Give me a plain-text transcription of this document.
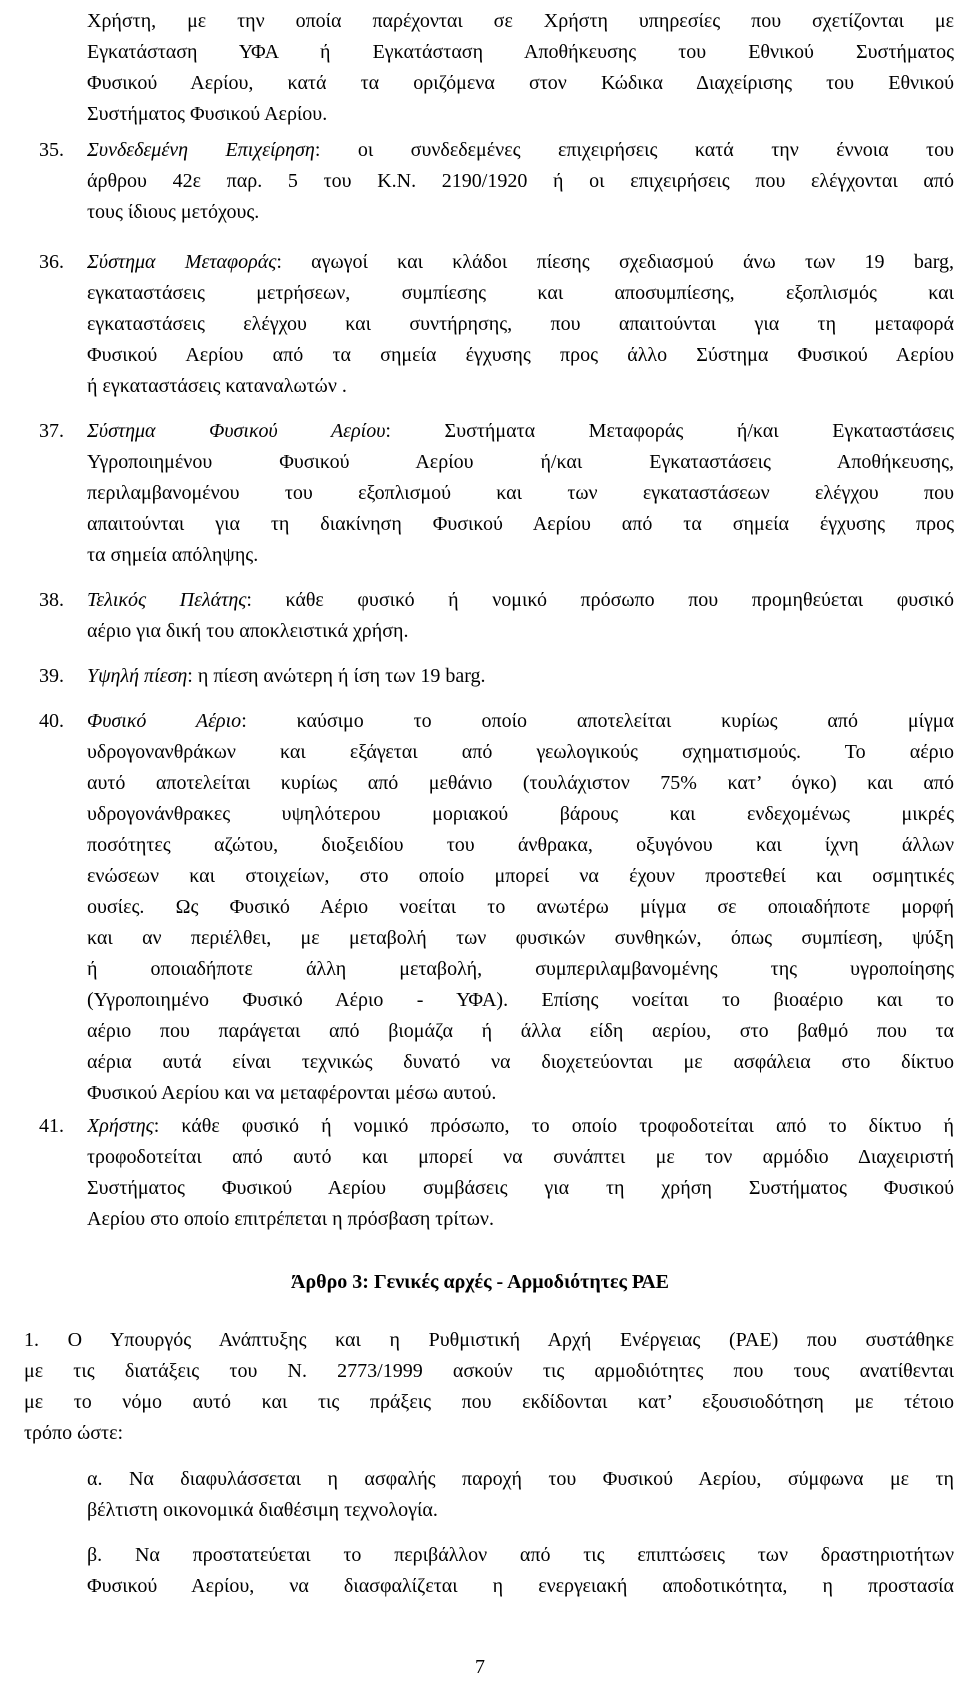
Χρήστη, με την οποία παρέχονται σε Χρήστη υπηρεσίες που σχετίζονται με
Εγκατάσταση ΥΦΑ ή Εγκατάσταση Αποθήκευσης του Εθνικού Συστήματος
Φυσικού Αερίου, κατά τα οριζόμενα στον Κώδικα Διαχείρισης του Εθνικού
Συστήματος Φυσικού Αερίου.
35.	Συνδεδεμένη Επιχείρηση: οι συνδεδεμένες επιχειρήσεις κατά την έννοια του
άρθρου 42ε παρ. 5 του Κ.Ν. 2190/1920 ή οι επιχειρήσεις που ελέγχονται από
τους ίδιους μετόχους.
36.	Σύστημα Μεταφοράς: αγωγοί και κλάδοι πίεσης σχεδιασμού άνω των 19 barg,
εγκαταστάσεις μετρήσεων, συμπίεσης και αποσυμπίεσης, εξοπλισμός και
εγκαταστάσεις ελέγχου και συντήρησης, που απαιτούνται για τη μεταφορά
Φυσικού Αερίου από τα σημεία έγχυσης προς άλλο Σύστημα Φυσικού Αερίου
ή εγκαταστάσεις καταναλωτών .
37.	Σύστημα Φυσικού Αερίου: Συστήματα Μεταφοράς ή/και Εγκαταστάσεις
Υγροποιημένου Φυσικού Αερίου ή/και Εγκαταστάσεις Αποθήκευσης,
περιλαμβανομένου του εξοπλισμού και των εγκαταστάσεων ελέγχου που
απαιτούνται για τη διακίνηση Φυσικού Αερίου από τα σημεία έγχυσης προς
τα σημεία απόληψης.
38.	Τελικός Πελάτης: κάθε φυσικό ή νομικό πρόσωπο που προμηθεύεται φυσικό
αέριο για δική του αποκλειστικά χρήση.
39.	Υψηλή πίεση: η πίεση ανώτερη ή ίση των 19 barg.
40.	Φυσικό Αέριο: καύσιμο το οποίο αποτελείται κυρίως από μίγμα
υδρογονανθράκων και εξάγεται από γεωλογικούς σχηματισμούς. Το αέριο
αυτό αποτελείται κυρίως από μεθάνιο (τουλάχιστον 75% κατ’ όγκο) και από
υδρογονάνθρακες υψηλότερου μοριακού βάρους και ενδεχομένως μικρές
ποσότητες αζώτου, διοξειδίου του άνθρακα, οξυγόνου και ίχνη άλλων
ενώσεων και στοιχείων, στο οποίο μπορεί να έχουν προστεθεί και οσμητικές
ουσίες. Ως Φυσικό Αέριο νοείται το ανωτέρω μίγμα σε οποιαδήποτε μορφή
και αν περιέλθει, με μεταβολή των φυσικών συνθηκών, όπως συμπίεση, ψύξη
ή οποιαδήποτε άλλη μεταβολή, συμπεριλαμβανομένης της υγροποίησης
(Υγροποιημένο Φυσικό Αέριο - ΥΦΑ). Επίσης νοείται το βιοαέριο και το
αέριο που παράγεται από βιομάζα ή άλλα είδη αερίου, στο βαθμό που τα
αέρια αυτά είναι τεχνικώς δυνατό να διοχετεύονται με ασφάλεια στο δίκτυο
Φυσικού Αερίου και να μεταφέρονται μέσω αυτού.
41.	Χρήστης: κάθε φυσικό ή νομικό πρόσωπο, το οποίο τροφοδοτείται από το δίκτυο ή
τροφοδοτείται από αυτό και μπορεί να συνάπτει με τον αρμόδιο Διαχειριστή
Συστήματος Φυσικού Αερίου συμβάσεις για τη χρήση Συστήματος Φυσικού
Αερίου στο οποίο επιτρέπεται η πρόσβαση τρίτων.
Άρθρο 3: Γενικές αρχές - Αρμοδιότητες ΡΑΕ
1. Ο Υπουργός Ανάπτυξης και η Ρυθμιστική Αρχή Ενέργειας (ΡΑΕ) που συστάθηκε
με τις διατάξεις του Ν. 2773/1999 ασκούν τις αρμοδιότητες που τους ανατίθενται
με το νόμο αυτό και τις πράξεις που εκδίδονται κατ’ εξουσιοδότηση με τέτοιο
τρόπο ώστε:
α. Να διαφυλάσσεται η ασφαλής παροχή του Φυσικού Αερίου, σύμφωνα με τη
βέλτιστη οικονομικά διαθέσιμη τεχνολογία.
β. Να προστατεύεται το περιβάλλον από τις επιπτώσεις των δραστηριοτήτων
Φυσικού Αερίου, να διασφαλίζεται η ενεργειακή αποδοτικότητα, η προστασία
7
